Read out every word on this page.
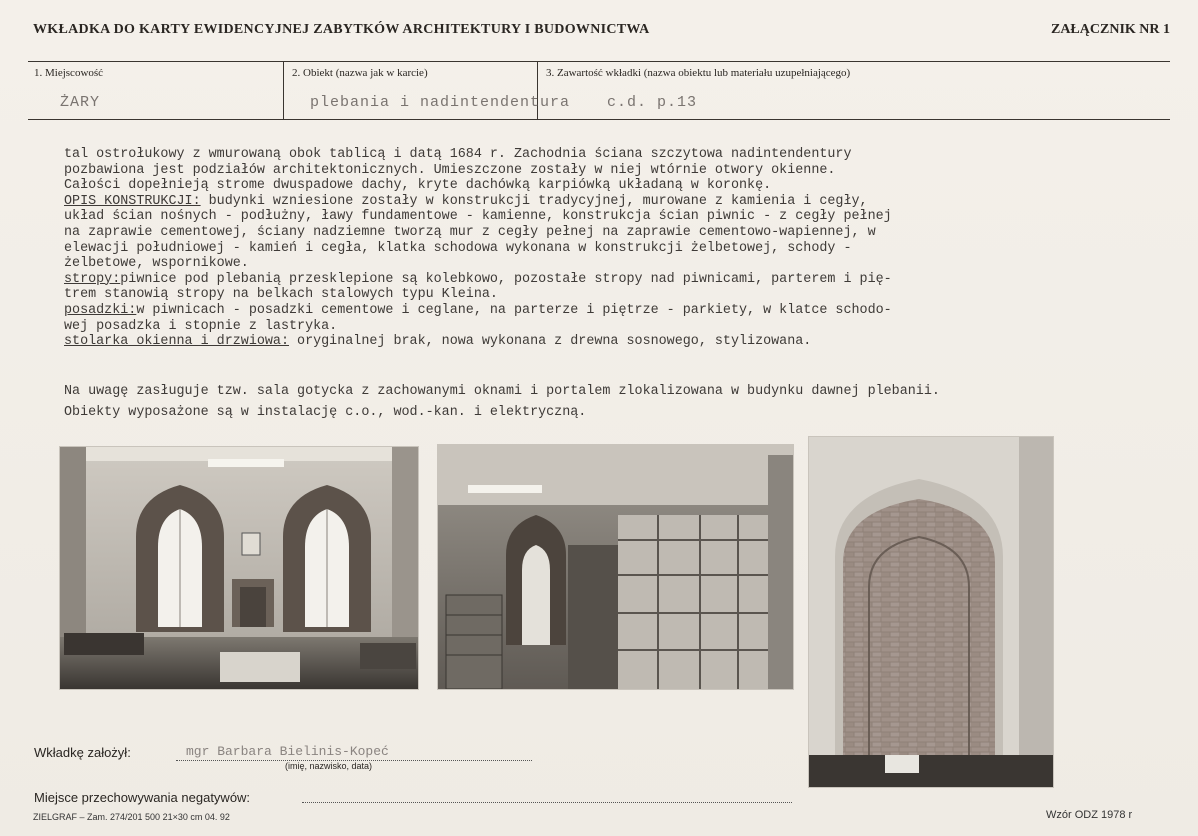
WKŁADKA DO KARTY EWIDENCYJNEJ ZABYTKÓW ARCHITEKTURY I BUDOWNICTWA	ZAŁĄCZNIK NR 1
1. Miejscowość
ŻARY
2. Obiekt (nazwa jak w karcie)
plebania i nadintendentura
3. Zawartość wkładki (nazwa obiektu lub materiału uzupełniającego)
c.d. p.13
tal ostrołukowy z wmurowaną obok tablicą i datą 1684 r. Zachodnia ściana szczytowa nadintendentury
pozbawiona jest podziałów architektonicznych. Umieszczone zostały w niej wtórnie otwory okienne.
Całości dopełnieją strome dwuspadowe dachy, kryte dachówką karpiówką układaną w koronkę.
OPIS KONSTRUKCJI: budynki wzniesione zostały w konstrukcji tradycyjnej, murowane z kamienia i cegły,
układ ścian nośnych - podłużny, ławy fundamentowe - kamienne, konstrukcja ścian piwnic - z cegły pełnej
na zaprawie cementowej, ściany nadziemne tworzą mur z cegły pełnej na zaprawie cementowo-wapiennej, w
elewacji południowej - kamień i cegła, klatka schodowa wykonana w konstrukcji żelbetowej, schody -
żelbetowe, wspornikowe.
stropy:piwnice pod plebanią przesklepione są kolebkowo, pozostałe stropy nad piwnicami, parterem i pię-
trem stanowią stropy na belkach stalowych typu Kleina.
posadzki:w piwnicach - posadzki cementowe i ceglane, na parterze i piętrze - parkiety, w klatce schodo-
wej posadzka i stopnie z lastryka.
stolarka okienna i drzwiowa: oryginalnej brak, nowa wykonana z drewna sosnowego, stylizowana.
Na uwagę zasługuje tzw. sala gotycka z zachowanymi oknami i portalem zlokalizowana w budynku dawnej plebanii.
Obiekty wyposażone są w instalację c.o., wod.-kan. i elektryczną.
Wkładkę założył:	mgr Barbara Bielinis-Kopeć
(imię, nazwisko, data)
Miejsce przechowywania negatywów:
ZIELGRAF – Zam. 274/201 500 21×30 cm 04. 92	Wzór ODZ 1978 r
